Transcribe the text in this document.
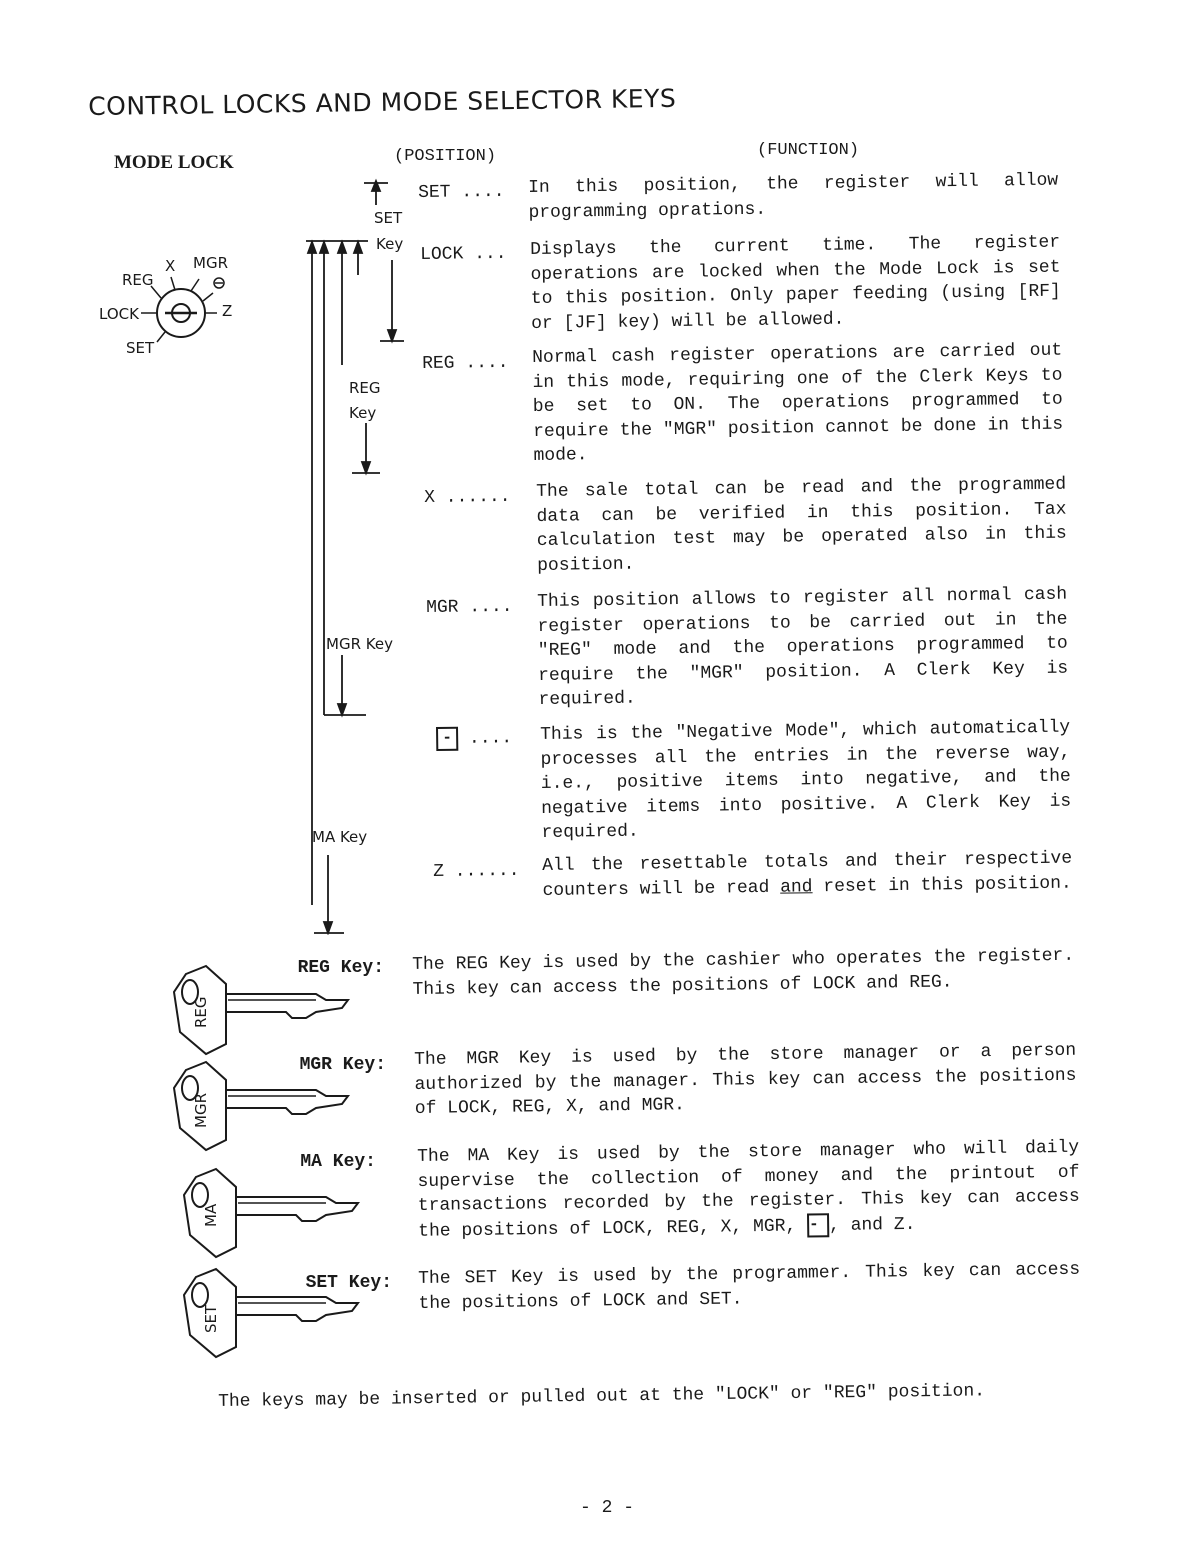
CONTROL LOCKS AND MODE SELECTOR KEYS
MODE LOCK	(POSITION)	(FUNCTION)
X MGR
REG
LOCK	Z
SET
SET
Key
REG
Key
MGR Key
MA Key
SET .... In this position, the register will allow programming oprations.
LOCK ... Displays the current time. The register operations are locked when the Mode Lock is set to this position. Only paper feeding (using [RF] or [JF] key) will be allowed.
REG .... Normal cash register operations are carried out in this mode, requiring one of the Clerk Keys to be set to ON. The operations programmed to require the "MGR" position cannot be done in this mode.
X ...... The sale total can be read and the programmed data can be verified in this position. Tax calculation test may be operated also in this position.
MGR .... This position allows to register all normal cash register operations to be carried out in the "REG" mode and the operations programmed to require the "MGR" position. A Clerk Key is required.
- .... This is the "Negative Mode", which automatically processes all the entries in the reverse way, i.e., positive items into negative, and the negative items into positive. A Clerk Key is required.
Z ...... All the resettable totals and their respective counters will be read and reset in this position.
REG
MGR
MA
SET
REG Key: The REG Key is used by the cashier who operates the register. This key can access the positions of LOCK and REG.
MGR Key: The MGR Key is used by the store manager or a person authorized by the manager. This key can access the positions of LOCK, REG, X, and MGR.
MA Key: The MA Key is used by the store manager who will daily supervise the collection of money and the printout of transactions recorded by the register. This key can access the positions of LOCK, REG, X, MGR, - , and Z.
SET Key: The SET Key is used by the programmer. This key can access the positions of LOCK and SET.
The keys may be inserted or pulled out at the "LOCK" or "REG" position.
- 2 -
